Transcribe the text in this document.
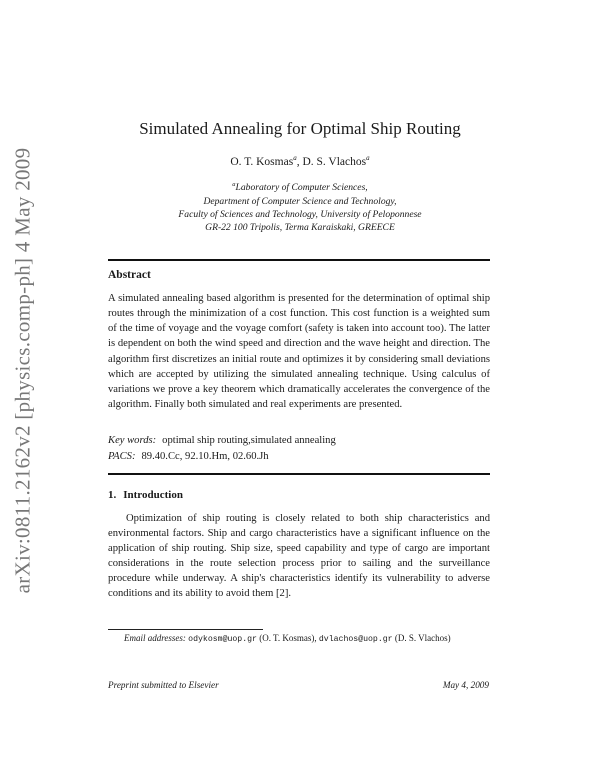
arXiv:0811.2162v2 [physics.comp-ph] 4 May 2009
Simulated Annealing for Optimal Ship Routing
O. T. Kosmas$^a$, D. S. Vlachos$^a$
$^a$Laboratory of Computer Sciences,
Department of Computer Science and Technology,
Faculty of Sciences and Technology, University of Peloponnese
GR-22 100 Tripolis, Terma Karaiskaki, GREECE
Abstract
A simulated annealing based algorithm is presented for the determination of optimal ship routes through the minimization of a cost function. This cost function is a weighted sum of the time of voyage and the voyage comfort (safety is taken into account too). The latter is dependent on both the wind speed and direction and the wave height and direction. The algorithm first discretizes an initial route and optimizes it by considering small deviations which are accepted by utilizing the simulated annealing technique. Using calculus of variations we prove a key theorem which dramatically accelerates the convergence of the algorithm. Finally both simulated and real experiments are presented.
Key words: optimal ship routing,simulated annealing
PACS: 89.40.Cc, 92.10.Hm, 02.60.Jh
1. Introduction
Optimization of ship routing is closely related to both ship characteristics and environmental factors. Ship and cargo characteristics have a significant influence on the application of ship routing. Ship size, speed capability and type of cargo are important considerations in the route selection process prior to sailing and the surveillance procedure while underway. A ship's characteristics identify its vulnerability to adverse conditions and its ability to avoid them [2].
Email addresses: odykosm@uop.gr (O. T. Kosmas), dvlachos@uop.gr (D. S. Vlachos)
Preprint submitted to Elsevier	May 4, 2009
